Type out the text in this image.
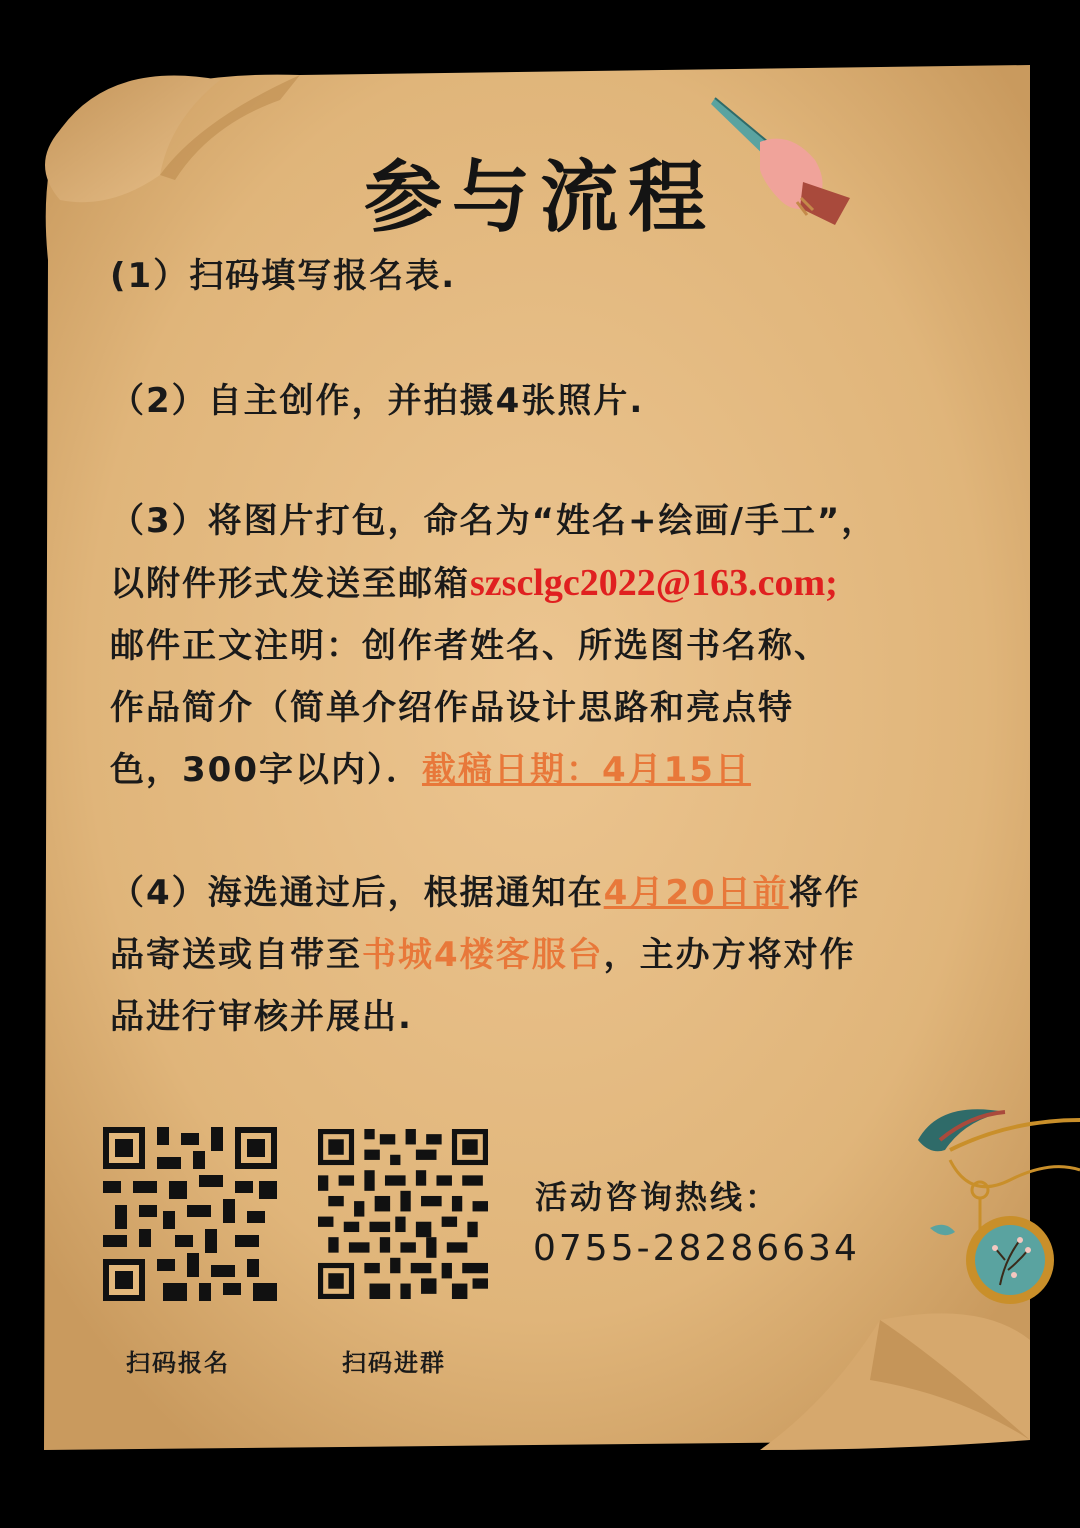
参与流程
(1）扫码填写报名表.
（2）自主创作，并拍摄4张照片.
（3）将图片打包，命名为“姓名+绘画/手工”，
以附件形式发送至邮箱szsclgc2022@163.com;
邮件正文注明：创作者姓名、所选图书名称、
作品简介（简单介绍作品设计思路和亮点特
色，300字以内）．截稿日期：4月15日
（4）海选通过后，根据通知在4月20日前将作
品寄送或自带至书城4楼客服台，主办方将对作
品进行审核并展出.
扫码报名	扫码进群
活动咨询热线：
0755-28286634
